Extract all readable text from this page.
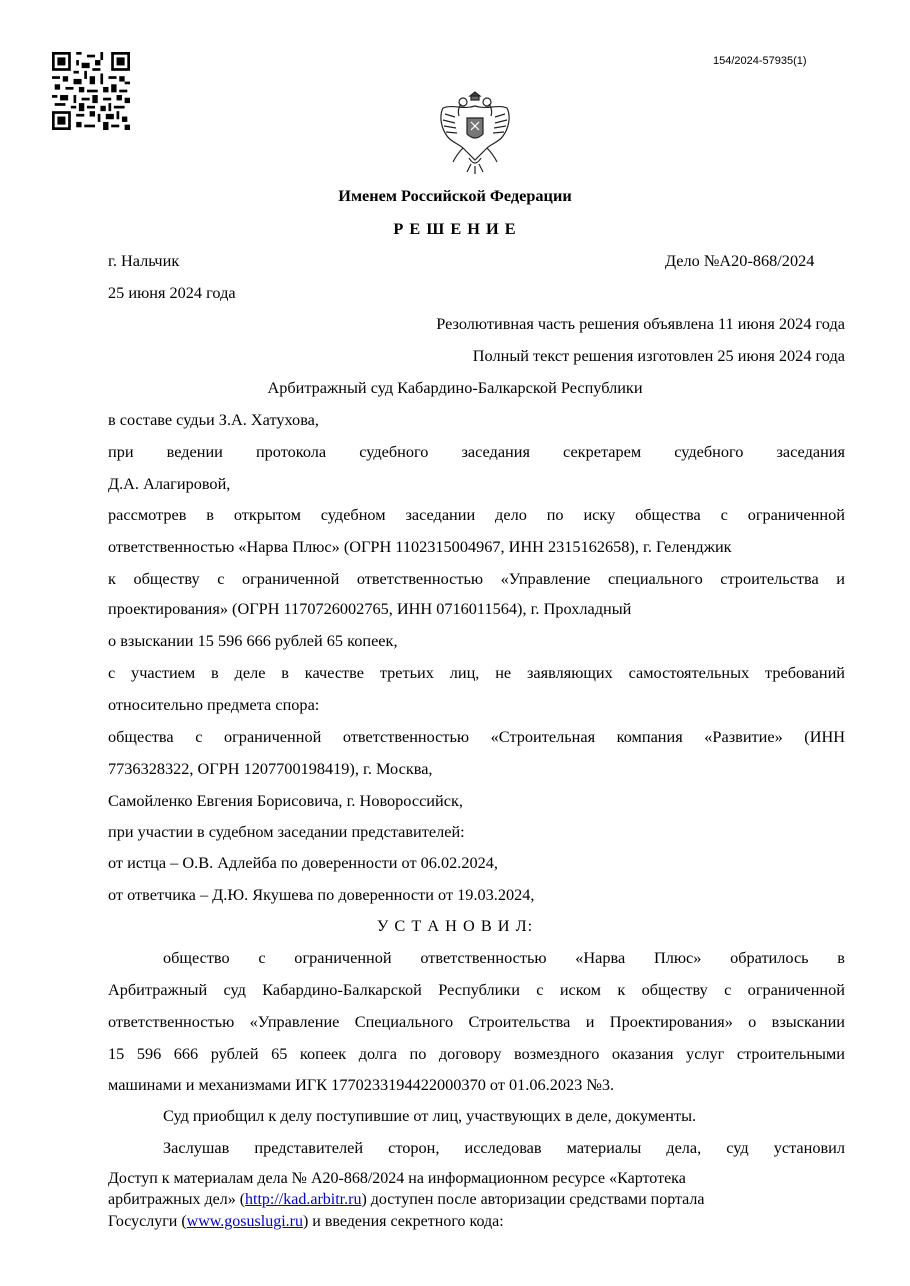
154/2024-57935(1)
Именем Российской Федерации
Р Е Ш Е Н И Е
г. Нальчик	Дело №А20-868/2024
25 июня 2024 года
Резолютивная часть решения объявлена 11 июня 2024 года
Полный текст решения изготовлен 25 июня 2024 года
Арбитражный суд Кабардино-Балкарской Республики
в составе судьи З.А. Хатухова,
при ведении протокола судебного заседания секретарем судебного заседания
Д.А. Алагировой,
рассмотрев в открытом судебном заседании дело по иску общества с ограниченной
ответственностью «Нарва Плюс» (ОГРН 1102315004967, ИНН 2315162658), г. Геленджик
к обществу с ограниченной ответственностью «Управление специального строительства и
проектирования» (ОГРН 1170726002765, ИНН 0716011564), г. Прохладный
о взыскании 15 596 666 рублей 65 копеек,
с участием в деле в качестве третьих лиц, не заявляющих самостоятельных требований
относительно предмета спора:
общества с ограниченной ответственностью «Строительная компания «Развитие» (ИНН
7736328322, ОГРН 1207700198419), г. Москва,
Самойленко Евгения Борисовича, г. Новороссийск,
при участии в судебном заседании представителей:
от истца – О.В. Адлейба по доверенности от 06.02.2024,
от ответчика – Д.Ю. Якушева по доверенности от 19.03.2024,
У С Т А Н О В И Л:
общество с ограниченной ответственностью «Нарва Плюс» обратилось в
Арбитражный суд Кабардино-Балкарской Республики с иском к обществу с ограниченной
ответственностью «Управление Специального Строительства и Проектирования» о взыскании
15 596 666 рублей 65 копеек долга по договору возмездного оказания услуг строительными
машинами и механизмами ИГК 1770233194422000370 от 01.06.2023 №3.
Суд приобщил к делу поступившие от лиц, участвующих в деле, документы.
Заслушав представителей сторон, исследовав материалы дела, суд установил
Доступ к материалам дела № А20-868/2024 на информационном ресурсе «Картотека
арбитражных дел» (http://kad.arbitr.ru) доступен после авторизации средствами портала
Госуслуги (www.gosuslugi.ru) и введения секретного кода:
